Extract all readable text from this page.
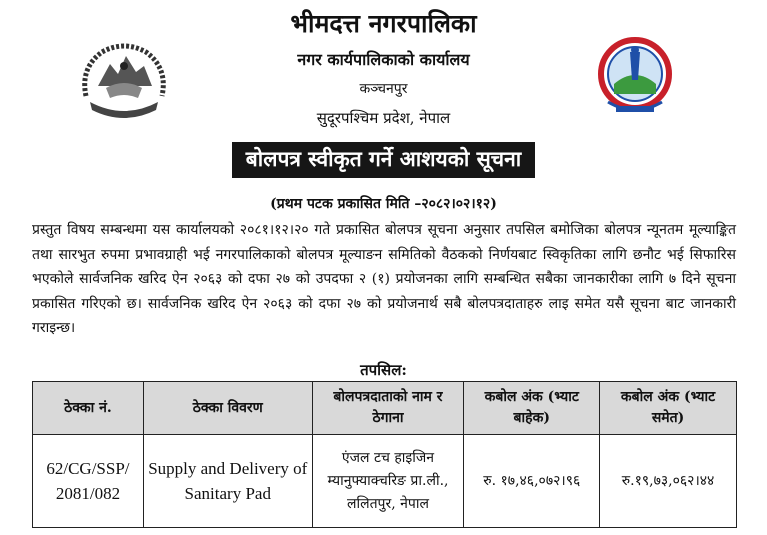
भीमदत्त नगरपालिका
नगर कार्यपालिकाको कार्यालय
कञ्चनपुर
सुदूरपश्चिम प्रदेश, नेपाल
बोलपत्र स्वीकृत गर्ने आशयको सूचना
(प्रथम पटक प्रकासित मिति –२०८२।०२।१२)
प्रस्तुत विषय सम्बन्धमा यस कार्यालयको २०८१।१२।२० गते प्रकासित बोलपत्र सूचना अनुसार तपसिल बमोजिका बोलपत्र न्यूनतम मूल्याङ्कित तथा सारभुत रुपमा प्रभावग्राही भई नगरपालिकाको बोलपत्र मूल्याङन समितिको वैठकको निर्णयबाट स्विकृतिका लागि छनौट भई सिफारिस भएकोले सार्वजनिक खरिद ऐन २०६३ को दफा २७ को उपदफा २ (१) प्रयोजनका लागि सम्बन्धित सबैका जानकारीका लागि ७ दिने सूचना प्रकासित गरिएको छ। सार्वजनिक खरिद ऐन २०६३ को दफा २७ को प्रयोजनार्थ सबै बोलपत्रदाताहरु लाइ समेत यसै सूचना बाट जानकारी गराइन्छ।
तपसिल:
ठेक्का नं.	ठेक्का विवरण	बोलपत्रदाताको नाम र ठेगाना	कबोल अंक (भ्याट बाहेक)	कबोल अंक (भ्याट समेत)
62/CG/SSP/ 2081/082	Supply and Delivery of Sanitary Pad	एंजल टच हाइजिन म्यानुफ्याक्चरिङ प्रा.ली., ललितपुर, नेपाल	रु. १७,४६,०७२।९६	रु.१९,७३,०६२।४४
